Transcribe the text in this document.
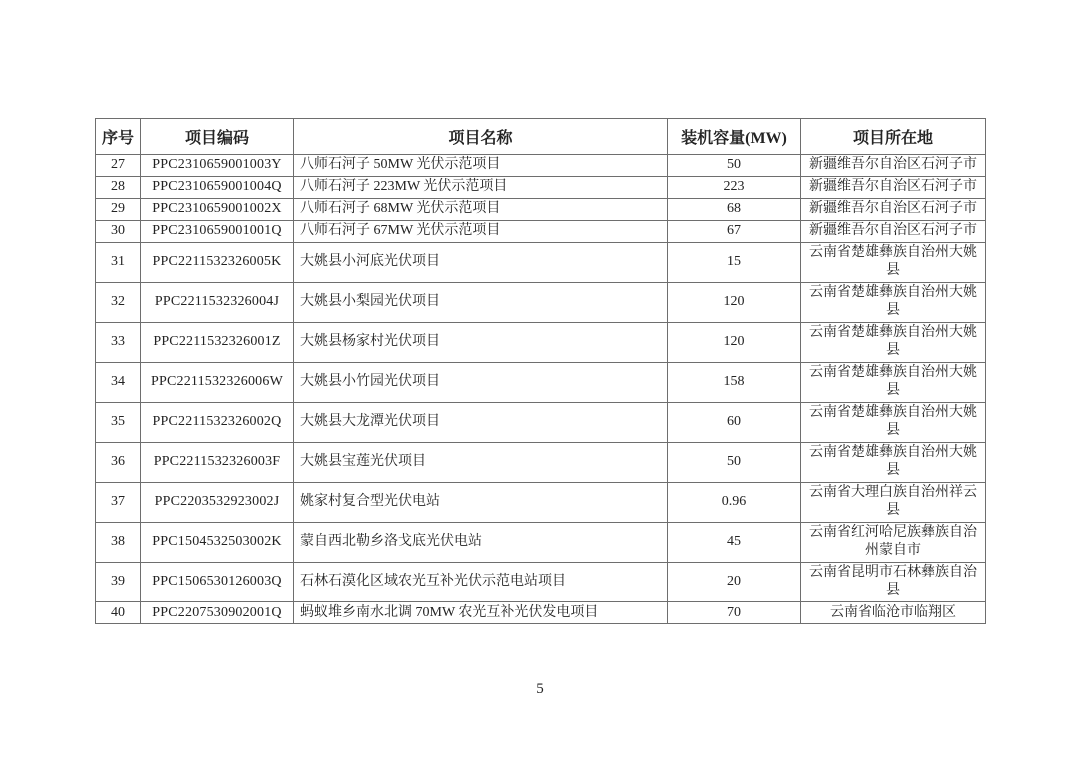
序号	项目编码	项目名称	装机容量(MW)	项目所在地
27	PPC2310659001003Y	八师石河子 50MW 光伏示范项目	50	新疆维吾尔自治区石河子市
28	PPC2310659001004Q	八师石河子 223MW 光伏示范项目	223	新疆维吾尔自治区石河子市
29	PPC2310659001002X	八师石河子 68MW 光伏示范项目	68	新疆维吾尔自治区石河子市
30	PPC2310659001001Q	八师石河子 67MW 光伏示范项目	67	新疆维吾尔自治区石河子市
31	PPC2211532326005K	大姚县小河底光伏项目	15	云南省楚雄彝族自治州大姚县
32	PPC2211532326004J	大姚县小梨园光伏项目	120	云南省楚雄彝族自治州大姚县
33	PPC2211532326001Z	大姚县杨家村光伏项目	120	云南省楚雄彝族自治州大姚县
34	PPC2211532326006W	大姚县小竹园光伏项目	158	云南省楚雄彝族自治州大姚县
35	PPC2211532326002Q	大姚县大龙潭光伏项目	60	云南省楚雄彝族自治州大姚县
36	PPC2211532326003F	大姚县宝莲光伏项目	50	云南省楚雄彝族自治州大姚县
37	PPC2203532923002J	姚家村复合型光伏电站	0.96	云南省大理白族自治州祥云县
38	PPC1504532503002K	蒙自西北勒乡洛戈底光伏电站	45	云南省红河哈尼族彝族自治州蒙自市
39	PPC1506530126003Q	石林石漠化区域农光互补光伏示范电站项目	20	云南省昆明市石林彝族自治县
40	PPC2207530902001Q	蚂蚁堆乡南水北调 70MW 农光互补光伏发电项目	70	云南省临沧市临翔区
5
